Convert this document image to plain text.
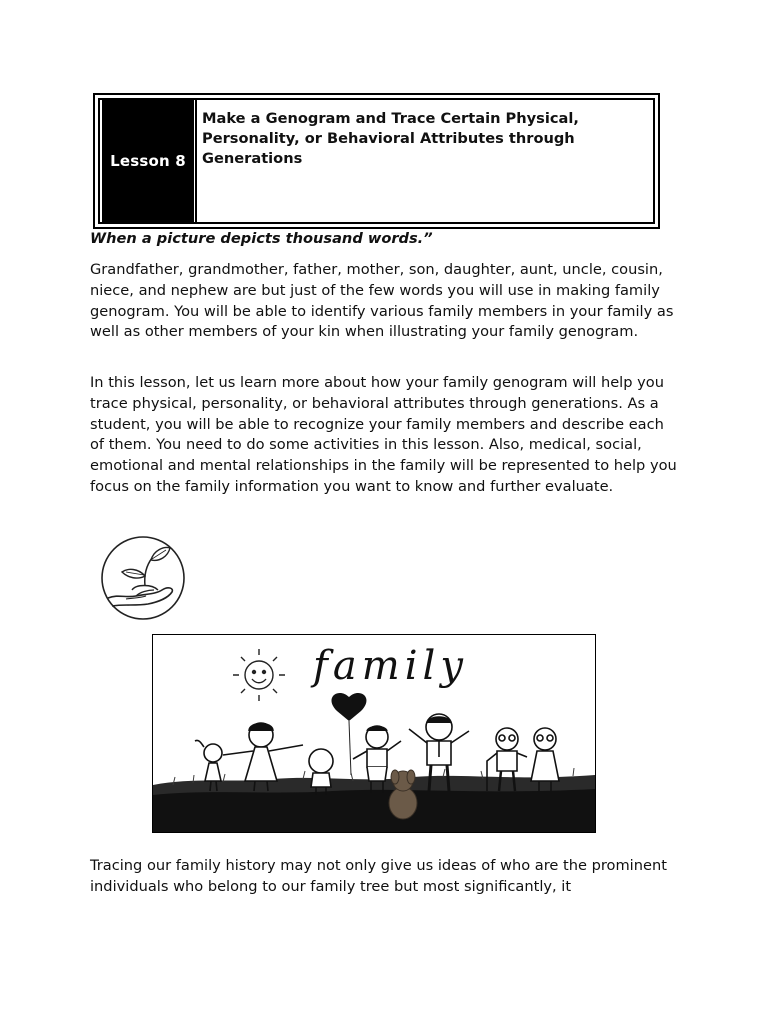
Lesson 8
Make a Genogram and Trace Certain Physical, Personality, or Behavioral Attributes through Generations
When a picture depicts thousand words.”

Grandfather, grandmother, father, mother, son, daughter, aunt, uncle, cousin, niece, and nephew are but just of the few words you will use in making family genogram. You will be able to identify various family members in your family as well as other members of your kin when illustrating your family genogram.

In this lesson, let us learn more about how your family genogram will help you trace physical, personality, or behavioral attributes through generations. As a student, you will be able to recognize your family members and describe each of them. You need to do some activities in this lesson. Also, medical, social, emotional and mental relationships in the family will be represented to help you focus on the family information you want to know and further evaluate.

family

Tracing our family history may not only give us ideas of who are the prominent individuals who belong to our family tree but most significantly, it
